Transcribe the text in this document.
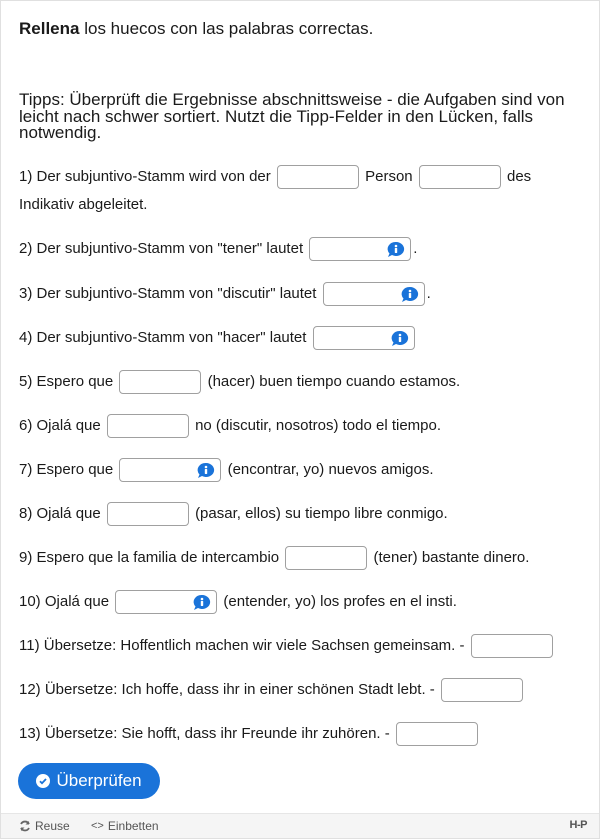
Rellena los huecos con las palabras correctas.
Tipps: Überprüft die Ergebnisse abschnittsweise - die Aufgaben sind von leicht nach schwer sortiert. Nutzt die Tipp-Felder in den Lücken, falls notwendig.
1) Der subjuntivo-Stamm wird von der	Person	des
Indikativ abgeleitet.
2) Der subjuntivo-Stamm von "tener" lautet	.
3) Der subjuntivo-Stamm von "discutir" lautet	.
4) Der subjuntivo-Stamm von "hacer" lautet
5) Espero que	(hacer) buen tiempo cuando estamos.
6) Ojalá que	no (discutir, nosotros) todo el tiempo.
7) Espero que	(encontrar, yo) nuevos amigos.
8) Ojalá que	(pasar, ellos) su tiempo libre conmigo.
9) Espero que la familia de intercambio	(tener) bastante dinero.
10) Ojalá que	(entender, yo) los profes en el insti.
11) Übersetze: Hoffentlich machen wir viele Sachsen gemeinsam. -
12) Übersetze: Ich hoffe, dass ihr in einer schönen Stadt lebt. -
13) Übersetze: Sie hofft, dass ihr Freunde ihr zuhören. -
Überprüfen
Reuse <> Einbetten	H-P
